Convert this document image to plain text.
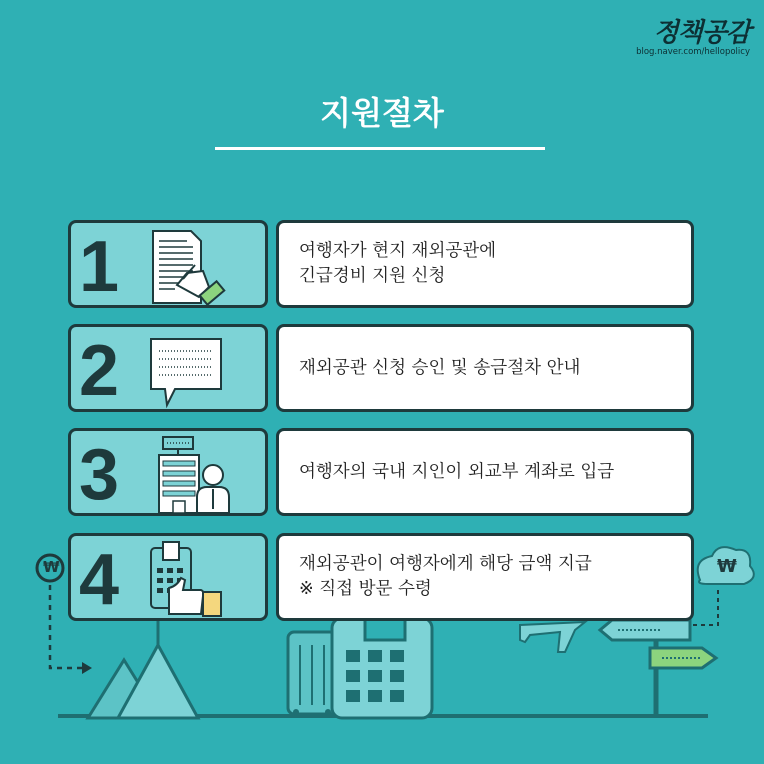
₩	₩
정책공감
blog.naver.com/hellopolicy
지원절차
1	여행자가 현지 재외공관에
긴급경비 지원 신청
2	재외공관 신청 승인 및 송금절차 안내
3	여행자의 국내 지인이 외교부 계좌로 입금
4	재외공관이 여행자에게 해당 금액 지급
※ 직접 방문 수령
